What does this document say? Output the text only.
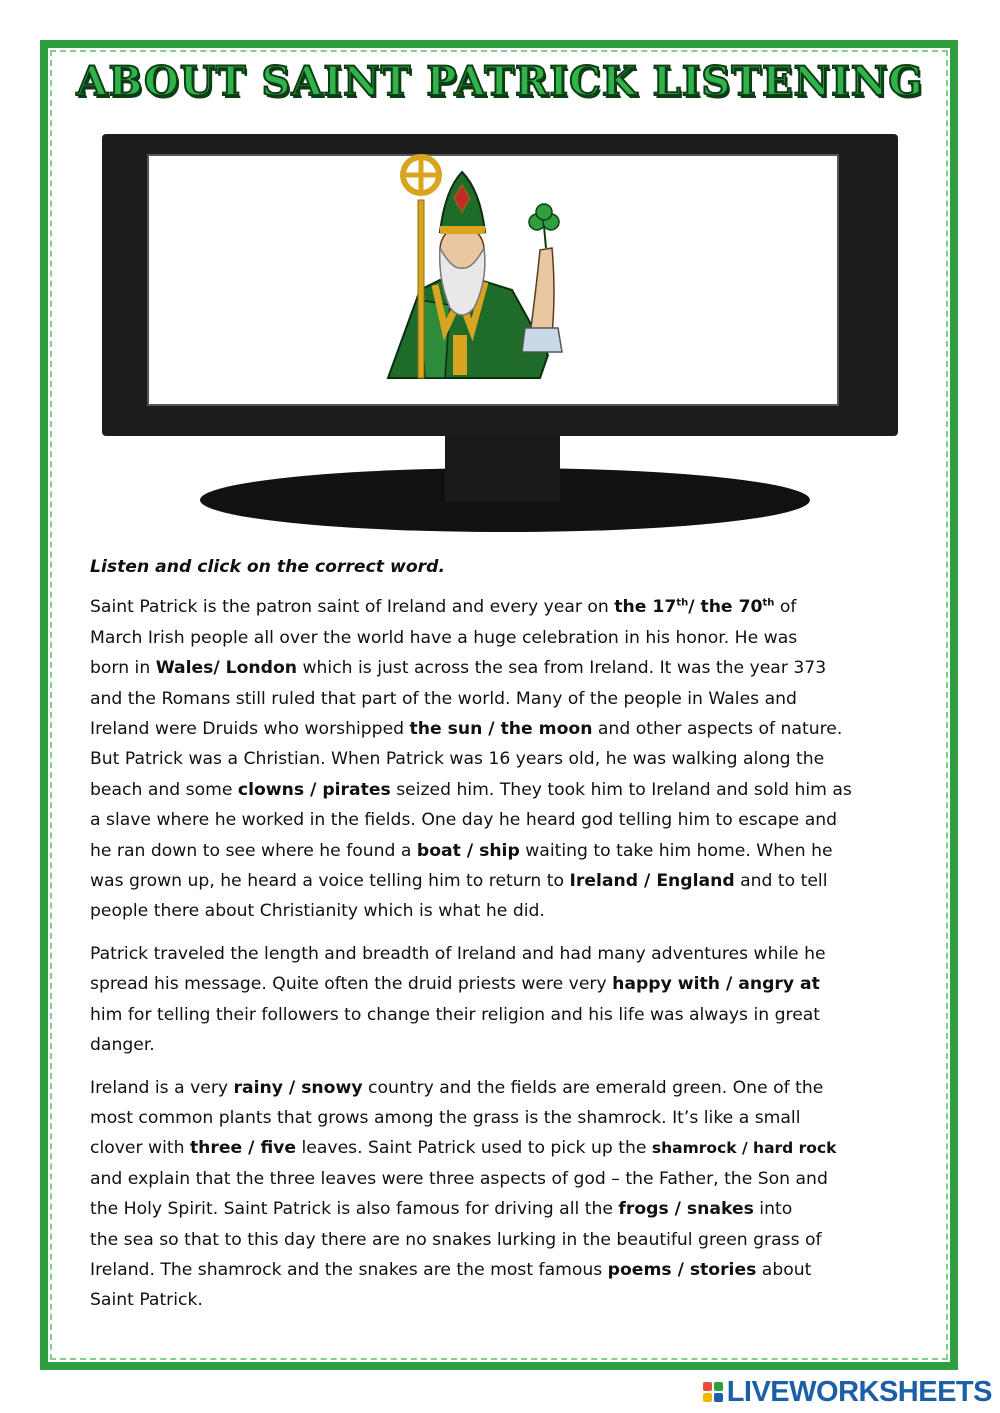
ABOUT SAINT PATRICK LISTENING
Listen and click on the correct word.
Saint Patrick is the patron saint of Ireland and every year on the 17th/ the 70th of
March Irish people all over the world have a huge celebration in his honor. He was
born in Wales/ London which is just across the sea from Ireland. It was the year 373
and the Romans still ruled that part of the world. Many of the people in Wales and
Ireland were Druids who worshipped the sun / the moon and other aspects of nature.
But Patrick was a Christian. When Patrick was 16 years old, he was walking along the
beach and some clowns / pirates seized him. They took him to Ireland and sold him as
a slave where he worked in the fields. One day he heard god telling him to escape and
he ran down to see where he found a boat / ship waiting to take him home. When he
was grown up, he heard a voice telling him to return to Ireland / England and to tell
people there about Christianity which is what he did.
Patrick traveled the length and breadth of Ireland and had many adventures while he
spread his message. Quite often the druid priests were very happy with / angry at
him for telling their followers to change their religion and his life was always in great
danger.
Ireland is a very rainy / snowy country and the fields are emerald green. One of the
most common plants that grows among the grass is the shamrock. It’s like a small
clover with three / five leaves. Saint Patrick used to pick up the shamrock / hard rock
and explain that the three leaves were three aspects of god – the Father, the Son and
the Holy Spirit. Saint Patrick is also famous for driving all the frogs / snakes into
the sea so that to this day there are no snakes lurking in the beautiful green grass of
Ireland. The shamrock and the snakes are the most famous poems / stories about
Saint Patrick.
LIVEWORKSHEETS
